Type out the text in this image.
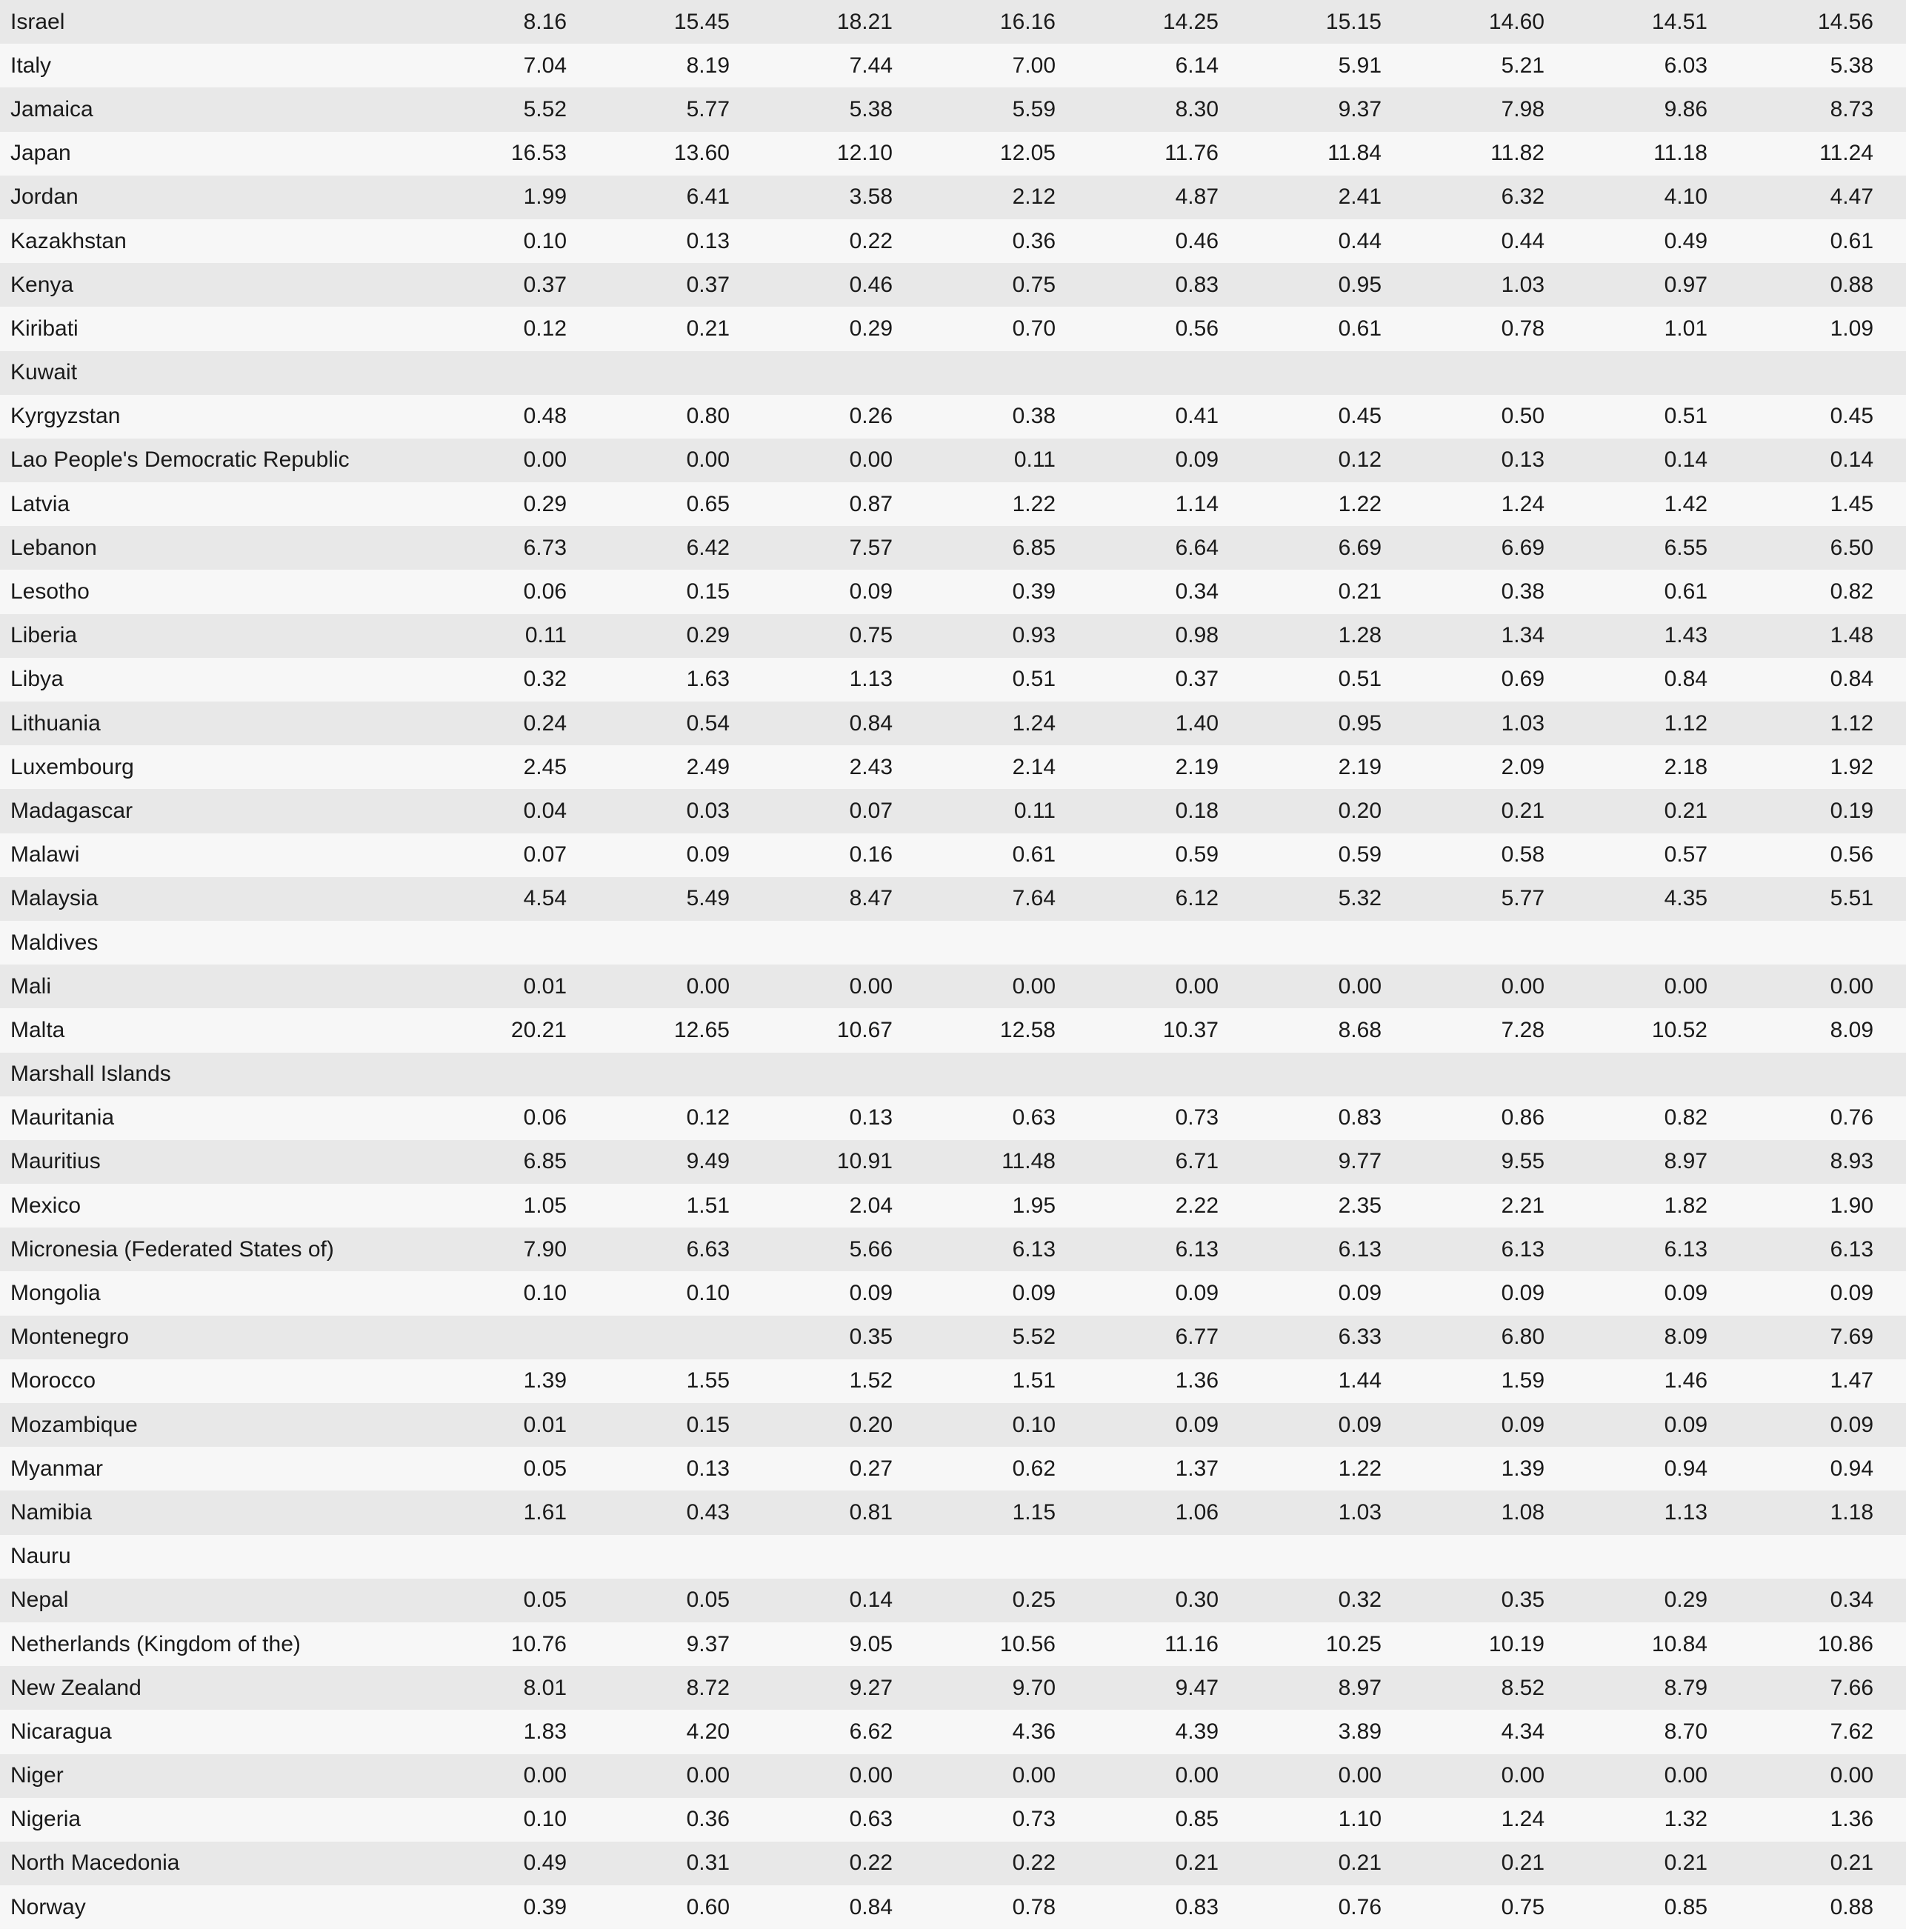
Israel	8.16	15.45	18.21	16.16	14.25	15.15	14.60	14.51	14.56
Italy	7.04	8.19	7.44	7.00	6.14	5.91	5.21	6.03	5.38
Jamaica	5.52	5.77	5.38	5.59	8.30	9.37	7.98	9.86	8.73
Japan	16.53	13.60	12.10	12.05	11.76	11.84	11.82	11.18	11.24
Jordan	1.99	6.41	3.58	2.12	4.87	2.41	6.32	4.10	4.47
Kazakhstan	0.10	0.13	0.22	0.36	0.46	0.44	0.44	0.49	0.61
Kenya	0.37	0.37	0.46	0.75	0.83	0.95	1.03	0.97	0.88
Kiribati	0.12	0.21	0.29	0.70	0.56	0.61	0.78	1.01	1.09
Kuwait									
Kyrgyzstan	0.48	0.80	0.26	0.38	0.41	0.45	0.50	0.51	0.45
Lao People's Democratic Republic	0.00	0.00	0.00	0.11	0.09	0.12	0.13	0.14	0.14
Latvia	0.29	0.65	0.87	1.22	1.14	1.22	1.24	1.42	1.45
Lebanon	6.73	6.42	7.57	6.85	6.64	6.69	6.69	6.55	6.50
Lesotho	0.06	0.15	0.09	0.39	0.34	0.21	0.38	0.61	0.82
Liberia	0.11	0.29	0.75	0.93	0.98	1.28	1.34	1.43	1.48
Libya	0.32	1.63	1.13	0.51	0.37	0.51	0.69	0.84	0.84
Lithuania	0.24	0.54	0.84	1.24	1.40	0.95	1.03	1.12	1.12
Luxembourg	2.45	2.49	2.43	2.14	2.19	2.19	2.09	2.18	1.92
Madagascar	0.04	0.03	0.07	0.11	0.18	0.20	0.21	0.21	0.19
Malawi	0.07	0.09	0.16	0.61	0.59	0.59	0.58	0.57	0.56
Malaysia	4.54	5.49	8.47	7.64	6.12	5.32	5.77	4.35	5.51
Maldives									
Mali	0.01	0.00	0.00	0.00	0.00	0.00	0.00	0.00	0.00
Malta	20.21	12.65	10.67	12.58	10.37	8.68	7.28	10.52	8.09
Marshall Islands									
Mauritania	0.06	0.12	0.13	0.63	0.73	0.83	0.86	0.82	0.76
Mauritius	6.85	9.49	10.91	11.48	6.71	9.77	9.55	8.97	8.93
Mexico	1.05	1.51	2.04	1.95	2.22	2.35	2.21	1.82	1.90
Micronesia (Federated States of)	7.90	6.63	5.66	6.13	6.13	6.13	6.13	6.13	6.13
Mongolia	0.10	0.10	0.09	0.09	0.09	0.09	0.09	0.09	0.09
Montenegro			0.35	5.52	6.77	6.33	6.80	8.09	7.69
Morocco	1.39	1.55	1.52	1.51	1.36	1.44	1.59	1.46	1.47
Mozambique	0.01	0.15	0.20	0.10	0.09	0.09	0.09	0.09	0.09
Myanmar	0.05	0.13	0.27	0.62	1.37	1.22	1.39	0.94	0.94
Namibia	1.61	0.43	0.81	1.15	1.06	1.03	1.08	1.13	1.18
Nauru									
Nepal	0.05	0.05	0.14	0.25	0.30	0.32	0.35	0.29	0.34
Netherlands (Kingdom of the)	10.76	9.37	9.05	10.56	11.16	10.25	10.19	10.84	10.86
New Zealand	8.01	8.72	9.27	9.70	9.47	8.97	8.52	8.79	7.66
Nicaragua	1.83	4.20	6.62	4.36	4.39	3.89	4.34	8.70	7.62
Niger	0.00	0.00	0.00	0.00	0.00	0.00	0.00	0.00	0.00
Nigeria	0.10	0.36	0.63	0.73	0.85	1.10	1.24	1.32	1.36
North Macedonia	0.49	0.31	0.22	0.22	0.21	0.21	0.21	0.21	0.21
Norway	0.39	0.60	0.84	0.78	0.83	0.76	0.75	0.85	0.88
